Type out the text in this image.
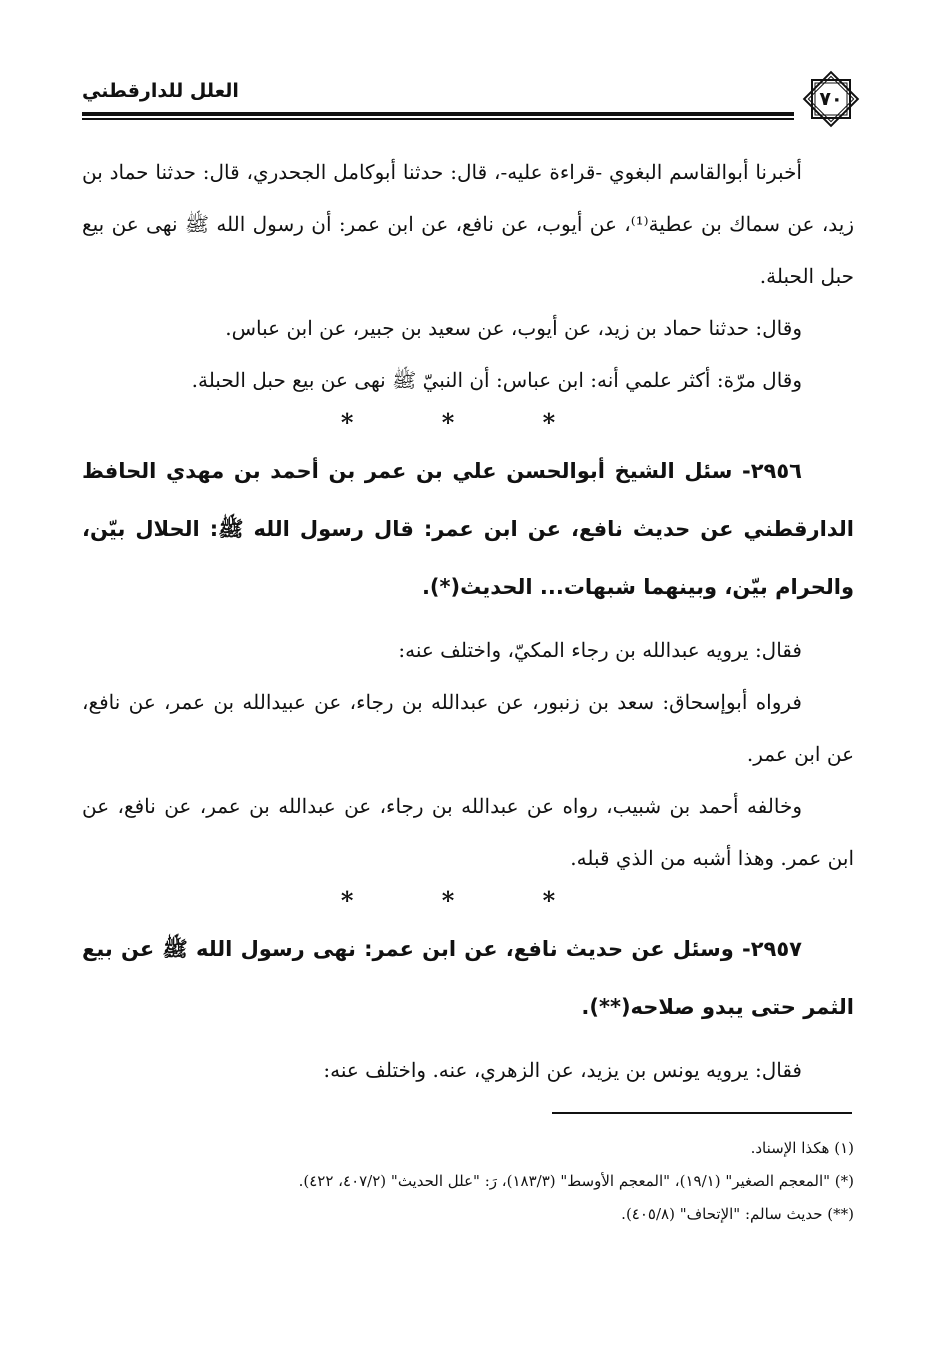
العلل للدارقطني	٧٠

أخبرنا أبوالقاسم البغوي -قراءة عليه-، قال: حدثنا أبوكامل الجحدري، قال: حدثنا حماد بن زيد، عن سماك بن عطية⁽¹⁾، عن أيوب، عن نافع، عن ابن عمر: أن رسول الله ﷺ نهى عن بيع حبل الحبلة.

وقال: حدثنا حماد بن زيد، عن أيوب، عن سعيد بن جبير، عن ابن عباس.

وقال مرّة: أكثر علمي أنه: ابن عباس: أن النبيّ ﷺ نهى عن بيع حبل الحبلة.

* * *

٢٩٥٦- سئل الشيخ أبوالحسن علي بن عمر بن أحمد بن مهدي الحافظ الدارقطني عن حديث نافع، عن ابن عمر: قال رسول الله ﷺ: الحلال بيّن، والحرام بيّن، وبينهما شبهات... الحديث(*).

فقال: يرويه عبدالله بن رجاء المكيّ، واختلف عنه:

فرواه أبوإسحاق: سعد بن زنبور، عن عبدالله بن رجاء، عن عبيدالله بن عمر، عن نافع، عن ابن عمر.

وخالفه أحمد بن شبيب، رواه عن عبدالله بن رجاء، عن عبدالله بن عمر، عن نافع، عن ابن عمر. وهذا أشبه من الذي قبله.

* * *

٢٩٥٧- وسئل عن حديث نافع، عن ابن عمر: نهى رسول الله ﷺ عن بيع الثمر حتى يبدو صلاحه(**).

فقال: يرويه يونس بن يزيد، عن الزهري، عنه. واختلف عنه:

(١) هكذا الإسناد.

(*) "المعجم الصغير" (١٩/١)، "المعجم الأوسط" (١٨٣/٣)، رَ: "علل الحديث" (٤٠٧/٢، ٤٢٢).

(**) حديث سالم: "الإتحاف" (٤٠٥/٨).
